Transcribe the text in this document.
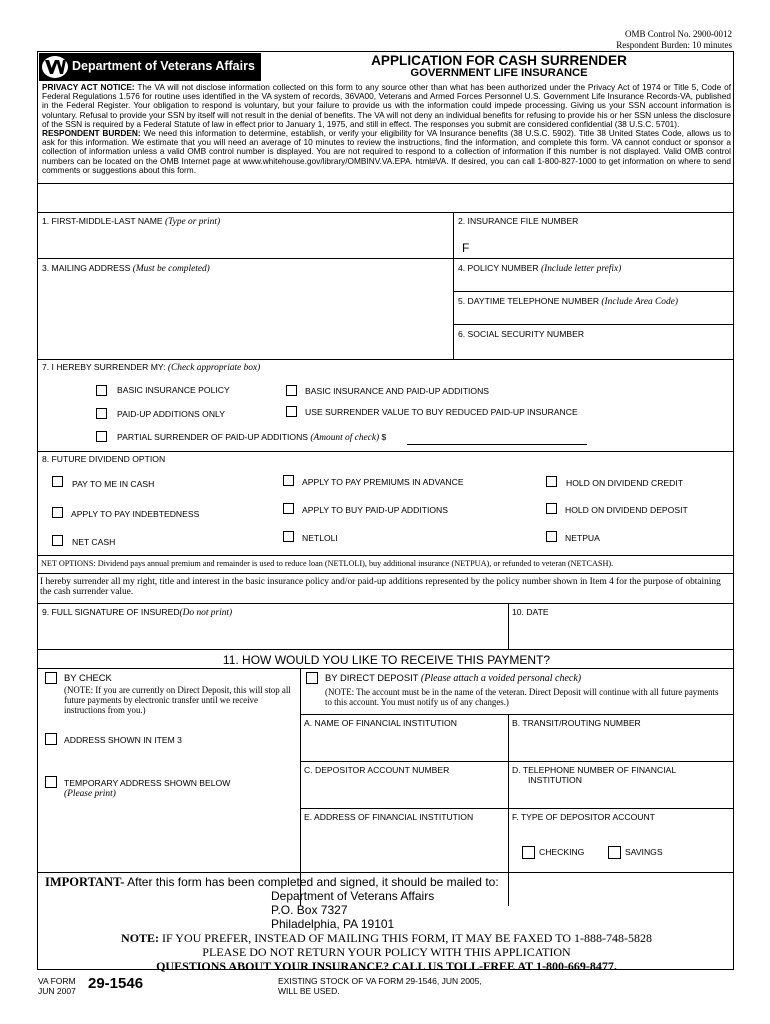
OMB Control No. 2900-0012
Respondent Burden: 10 minutes
Department of Veterans Affairs	APPLICATION FOR CASH SURRENDER
GOVERNMENT LIFE INSURANCE
PRIVACY ACT NOTICE: The VA will not disclose information collected on this form to any source other than what has been authorized under the Privacy Act of 1974 or Title 5, Code of Federal Regulations 1.576 for routine uses identified in the VA system of records, 36VA00, Veterans and Armed Forces Personnel U.S. Government Life Insurance Records-VA, published in the Federal Register. Your obligation to respond is voluntary, but your failure to provide us with the information could impede processing. Giving us your SSN account information is voluntary. Refusal to provide your SSN by itself will not result in the denial of benefits. The VA will not deny an individual benefits for refusing to provide his or her SSN unless the disclosure of the SSN is required by a Federal Statute of law in effect prior to January 1, 1975, and still in effect. The responses you submit are considered confidential (38 U.S.C. 5701).
RESPONDENT BURDEN: We need this information to determine, establish, or verify your eligibility for VA Insurance benefits (38 U.S.C. 5902). Title 38 United States Code, allows us to ask for this information. We estimate that you will need an average of 10 minutes to review the instructions, find the information, and complete this form. VA cannot conduct or sponsor a collection of information unless a valid OMB control number is displayed. You are not required to respond to a collection of information if this number is not displayed. Valid OMB control numbers can be located on the OMB Internet page at www.whitehouse.gov/library/OMBINV.VA.EPA. html#VA. If desired, you can call 1-800-827-1000 to get information on where to send comments or suggestions about this form.
1. FIRST-MIDDLE-LAST NAME (Type or print)	2. INSURANCE FILE NUMBER
F
3. MAILING ADDRESS (Must be completed)	4. POLICY NUMBER (Include letter prefix)
5. DAYTIME TELEPHONE NUMBER (Include Area Code)
6. SOCIAL SECURITY NUMBER
7. I HEREBY SURRENDER MY: (Check appropriate box)
BASIC INSURANCE POLICY	BASIC INSURANCE AND PAID-UP ADDITIONS
PAID-UP ADDITIONS ONLY	USE SURRENDER VALUE TO BUY REDUCED PAID-UP INSURANCE
PARTIAL SURRENDER OF PAID-UP ADDITIONS (Amount of check) $
8. FUTURE DIVIDEND OPTION
PAY TO ME IN CASH	APPLY TO PAY PREMIUMS IN ADVANCE	HOLD ON DIVIDEND CREDIT
APPLY TO PAY INDEBTEDNESS	APPLY TO BUY PAID-UP ADDITIONS	HOLD ON DIVIDEND DEPOSIT
NET CASH	NETLOLI	NETPUA
NET OPTIONS: Dividend pays annual premium and remainder is used to reduce loan (NETLOLI), buy additional insurance (NETPUA), or refunded to veteran (NETCASH).
I hereby surrender all my right, title and interest in the basic insurance policy and/or paid-up additions represented by the policy number shown in Item 4 for the purpose of obtaining the cash surrender value.
9. FULL SIGNATURE OF INSURED(Do not print)	10. DATE
11. HOW WOULD YOU LIKE TO RECEIVE THIS PAYMENT?
BY CHECK
(NOTE: If you are currently on Direct Deposit, this will stop all future payments by electronic transfer until we receive instructions from you.)
BY DIRECT DEPOSIT (Please attach a voided personal check)
(NOTE: The account must be in the name of the veteran. Direct Deposit will continue with all future payments to this account. You must notify us of any changes.)
A. NAME OF FINANCIAL INSTITUTION	B. TRANSIT/ROUTING NUMBER
ADDRESS SHOWN IN ITEM 3
C. DEPOSITOR ACCOUNT NUMBER	D. TELEPHONE NUMBER OF FINANCIAL
INSTITUTION
TEMPORARY ADDRESS SHOWN BELOW
(Please print)
E. ADDRESS OF FINANCIAL INSTITUTION	F. TYPE OF DEPOSITOR ACCOUNT
CHECKING	SAVINGS
IMPORTANT- After this form has been completed and signed, it should be mailed to:
Department of Veterans Affairs
P.O. Box 7327
Philadelphia, PA 19101
NOTE: IF YOU PREFER, INSTEAD OF MAILING THIS FORM, IT MAY BE FAXED TO 1-888-748-5828
PLEASE DO NOT RETURN YOUR POLICY WITH THIS APPLICATION
QUESTIONS ABOUT YOUR INSURANCE? CALL US TOLL-FREE AT 1-800-669-8477.
VA FORM
JUN 2007 29-1546	EXISTING STOCK OF VA FORM 29-1546, JUN 2005,
WILL BE USED.
